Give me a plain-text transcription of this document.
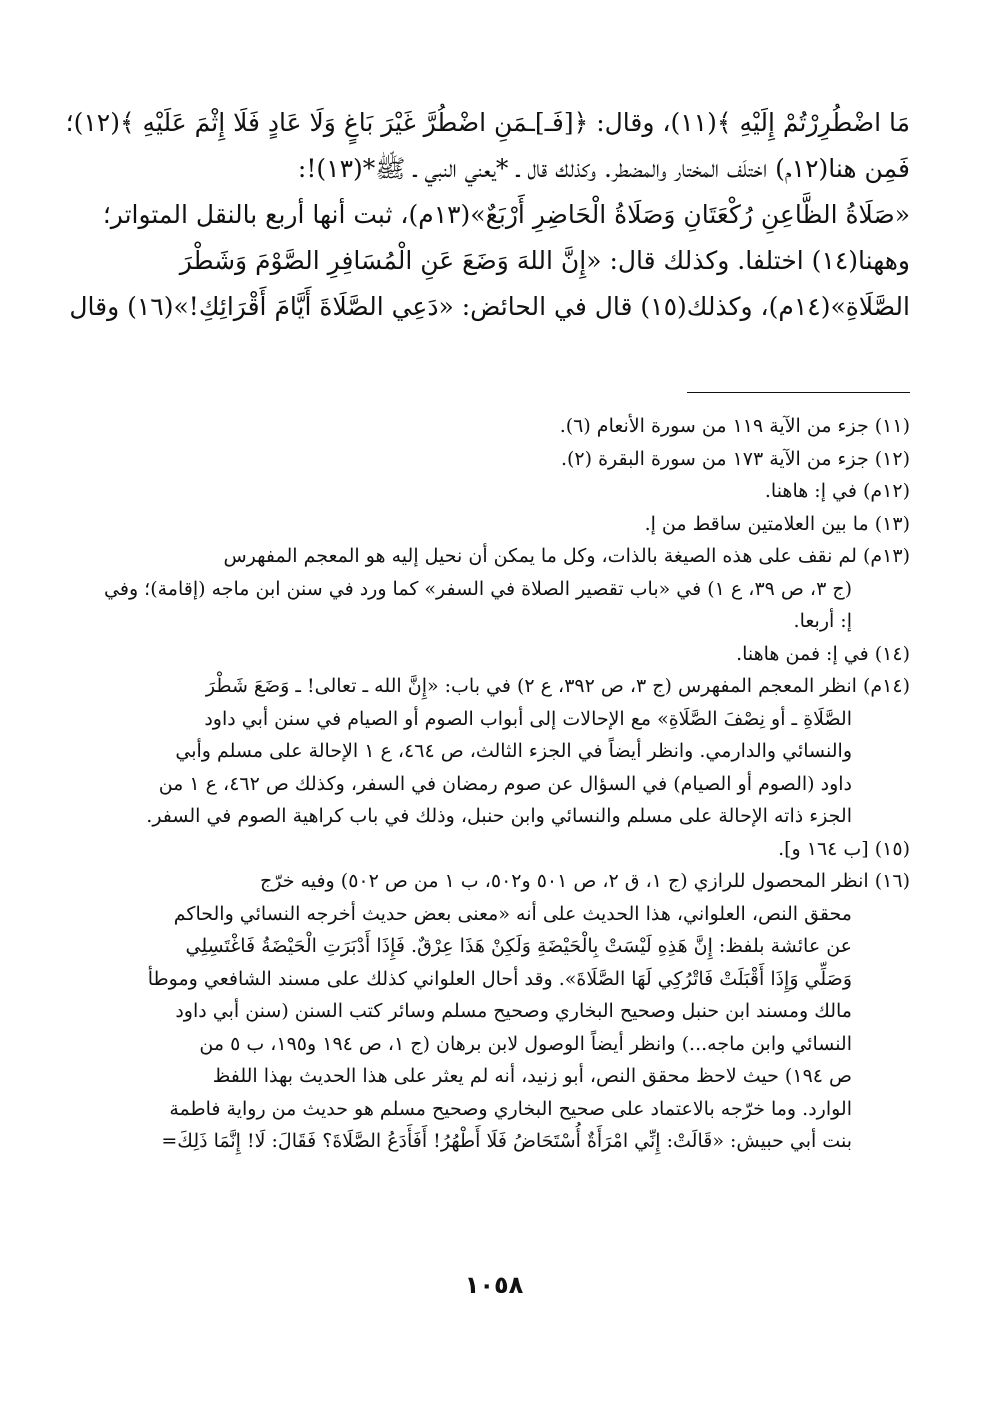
مَا اضْطُرِرْتُمْ إِلَيْهِ ﴾(١١)، وقال: ﴿[فَـ]ـمَنِ اضْطُرَّ غَيْرَ بَاغٍ وَلَا عَادٍ فَلَا إِثْمَ عَلَيْهِ ﴾(١٢)؛
فَمِن هنا(١٢م) اختلَف المختار والمضطر. وكذلك قال ـ *يعني النبي ـ ﷺ*(١٣)!:
«صَلَاةُ الظَّاعِنِ رُكْعَتَانِ وَصَلَاةُ الْحَاضِرِ أَرْبَعٌ»(١٣م)، ثبت أنها أربع بالنقل المتواتر؛
وههنا(١٤) اختلفا. وكذلك قال: «إِنَّ اللهَ وَضَعَ عَنِ الْمُسَافِرِ الصَّوْمَ وَشَطْرَ
الصَّلَاةِ»(١٤م)، وكذلك(١٥) قال في الحائض: «دَعِي الصَّلَاةَ أَيَّامَ أَقْرَائِكِ!»(١٦) وقال
(١١) جزء من الآية ١١٩ من سورة الأنعام (٦).
(١٢) جزء من الآية ١٧٣ من سورة البقرة (٢).
(١٢م) في إ: هاهنا.
(١٣) ما بين العلامتين ساقط من إ.
(١٣م) لم نقف على هذه الصيغة بالذات، وكل ما يمكن أن نحيل إليه هو المعجم المفهرس
(ج ٣، ص ٣٩، ع ١) في «باب تقصير الصلاة في السفر» كما ورد في سنن ابن ماجه (إقامة)؛ وفي
إ: أربعا.
(١٤) في إ: فمن هاهنا.
(١٤م) انظر المعجم المفهرس (ج ٣، ص ٣٩٢، ع ٢) في باب: «إِنَّ الله ـ تعالى! ـ وَضَعَ شَطْرَ
الصَّلَاةِ ـ أو نِصْفَ الصَّلَاةِ» مع الإحالات إلى أبواب الصوم أو الصيام في سنن أبي داود
والنسائي والدارمي. وانظر أيضاً في الجزء الثالث، ص ٤٦٤، ع ١ الإحالة على مسلم وأبي
داود (الصوم أو الصيام) في السؤال عن صوم رمضان في السفر، وكذلك ص ٤٦٢، ع ١ من
الجزء ذاته الإحالة على مسلم والنسائي وابن حنبل، وذلك في باب كراهية الصوم في السفر.
(١٥) [ب ١٦٤ و].
(١٦) انظر المحصول للرازي (ج ١، ق ٢، ص ٥٠١ و٥٠٢، ب ١ من ص ٥٠٢) وفيه خرّج
محقق النص، العلواني، هذا الحديث على أنه «معنى بعض حديث أخرجه النسائي والحاكم
عن عائشة بلفظ: إِنَّ هَذِهِ لَيْسَتْ بِالْحَيْضَةِ وَلَكِنْ هَذَا عِرْقٌ. فَإِذَا أَدْبَرَتِ الْحَيْضَةُ فَاغْتَسِلِي
وَصَلِّي وَإِذَا أَقْبَلَتْ فَاتْرُكِي لَهَا الصَّلَاةَ». وقد أحال العلواني كذلك على مسند الشافعي وموطأ
مالك ومسند ابن حنبل وصحيح البخاري وصحيح مسلم وسائر كتب السنن (سنن أبي داود
النسائي وابن ماجه...) وانظر أيضاً الوصول لابن برهان (ج ١، ص ١٩٤ و١٩٥، ب ٥ من
ص ١٩٤) حيث لاحظ محقق النص، أبو زنيد، أنه لم يعثر على هذا الحديث بهذا اللفظ
الوارد. وما خرّجه بالاعتماد على صحيح البخاري وصحيح مسلم هو حديث من رواية فاطمة
بنت أبي حبيش: «قَالَتْ: إِنِّي امْرَأَةٌ أُسْتَحَاضُ فَلَا أَطْهُرُ! أَفَأَدَعُ الصَّلَاةَ؟ فَقَالَ: لَا! إِنَّمَا ذَلِكَ=
١٠٥٨
